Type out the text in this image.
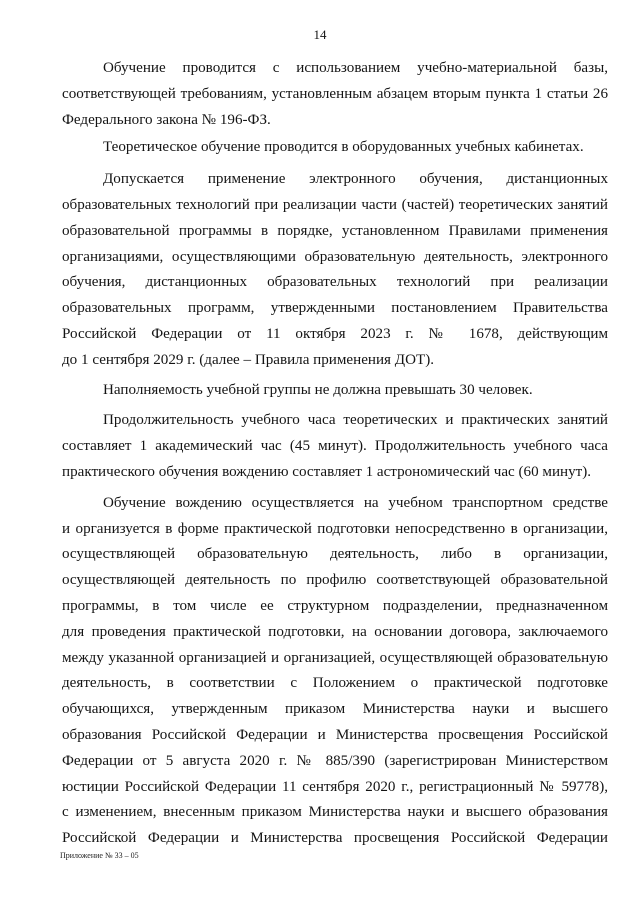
14

Обучение проводится с использованием учебно-материальной базы,
соответствующей требованиям, установленным абзацем вторым пункта 1 статьи 26
Федерального закона № 196-ФЗ.

Теоретическое обучение проводится в оборудованных учебных кабинетах.

Допускается применение электронного обучения, дистанционных
образовательных технологий при реализации части (частей) теоретических занятий
образовательной программы в порядке, установленном Правилами применения
организациями, осуществляющими образовательную деятельность, электронного
обучения, дистанционных образовательных технологий при реализации
образовательных программ, утвержденными постановлением Правительства
Российской Федерации от 11 октября 2023 г. № 1678, действующим
до 1 сентября 2029 г. (далее – Правила применения ДОТ).

Наполняемость учебной группы не должна превышать 30 человек.

Продолжительность учебного часа теоретических и практических занятий
составляет 1 академический час (45 минут). Продолжительность учебного часа
практического обучения вождению составляет 1 астрономический час (60 минут).

Обучение вождению осуществляется на учебном транспортном средстве
и организуется в форме практической подготовки непосредственно в организации,
осуществляющей образовательную деятельность, либо в организации,
осуществляющей деятельность по профилю соответствующей образовательной
программы, в том числе ее структурном подразделении, предназначенном
для проведения практической подготовки, на основании договора, заключаемого
между указанной организацией и организацией, осуществляющей образовательную
деятельность, в соответствии с Положением о практической подготовке
обучающихся, утвержденным приказом Министерства науки и высшего
образования Российской Федерации и Министерства просвещения Российской
Федерации от 5 августа 2020 г. № 885/390 (зарегистрирован Министерством
юстиции Российской Федерации 11 сентября 2020 г., регистрационный № 59778),
с изменением, внесенным приказом Министерства науки и высшего образования
Российской Федерации и Министерства просвещения Российской Федерации

Приложение № 33 – 05
